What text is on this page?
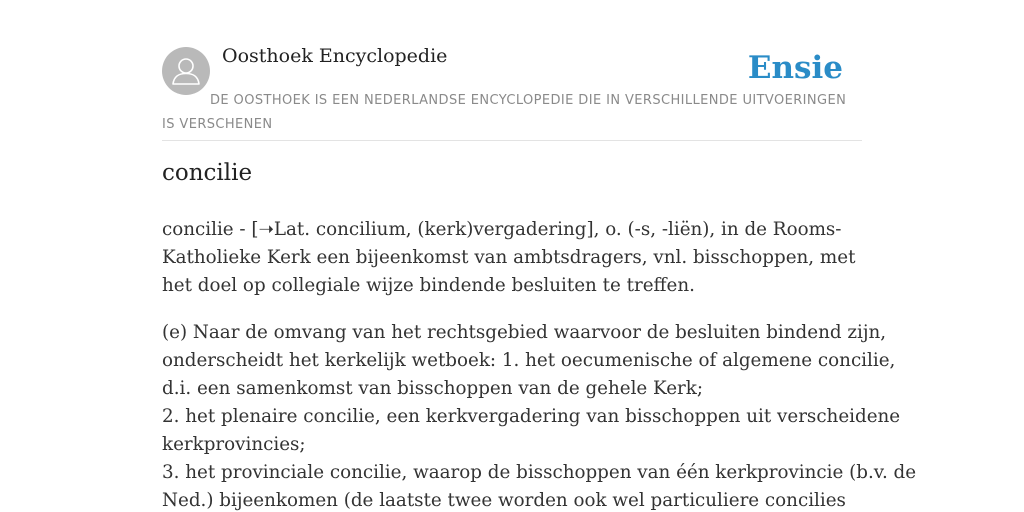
Oosthoek Encyclopedie	Ensie
DE OOSTHOEK IS EEN NEDERLANDSE ENCYCLOPEDIE DIE IN VERSCHILLENDE UITVOERINGEN IS VERSCHENEN
concilie

concilie - [➝Lat. concilium, (kerk)vergadering], o. (-s, -liën), in de Rooms-Katholieke Kerk een bijeenkomst van ambtsdragers, vnl. bisschoppen, met het doel op collegiale wijze bindende besluiten te treffen.

(e) Naar de omvang van het rechtsgebied waarvoor de besluiten bindend zijn,
onderscheidt het kerkelijk wetboek: 1. het oecumenische of algemene concilie,
d.i. een samenkomst van bisschoppen van de gehele Kerk;
2. het plenaire concilie, een kerkvergadering van bisschoppen uit verscheidene
kerkprovincies;
3. het provinciale concilie, waarop de bisschoppen van één kerkprovincie (b.v. de
Ned.) bijeenkomen (de laatste twee worden ook wel particuliere concilies
